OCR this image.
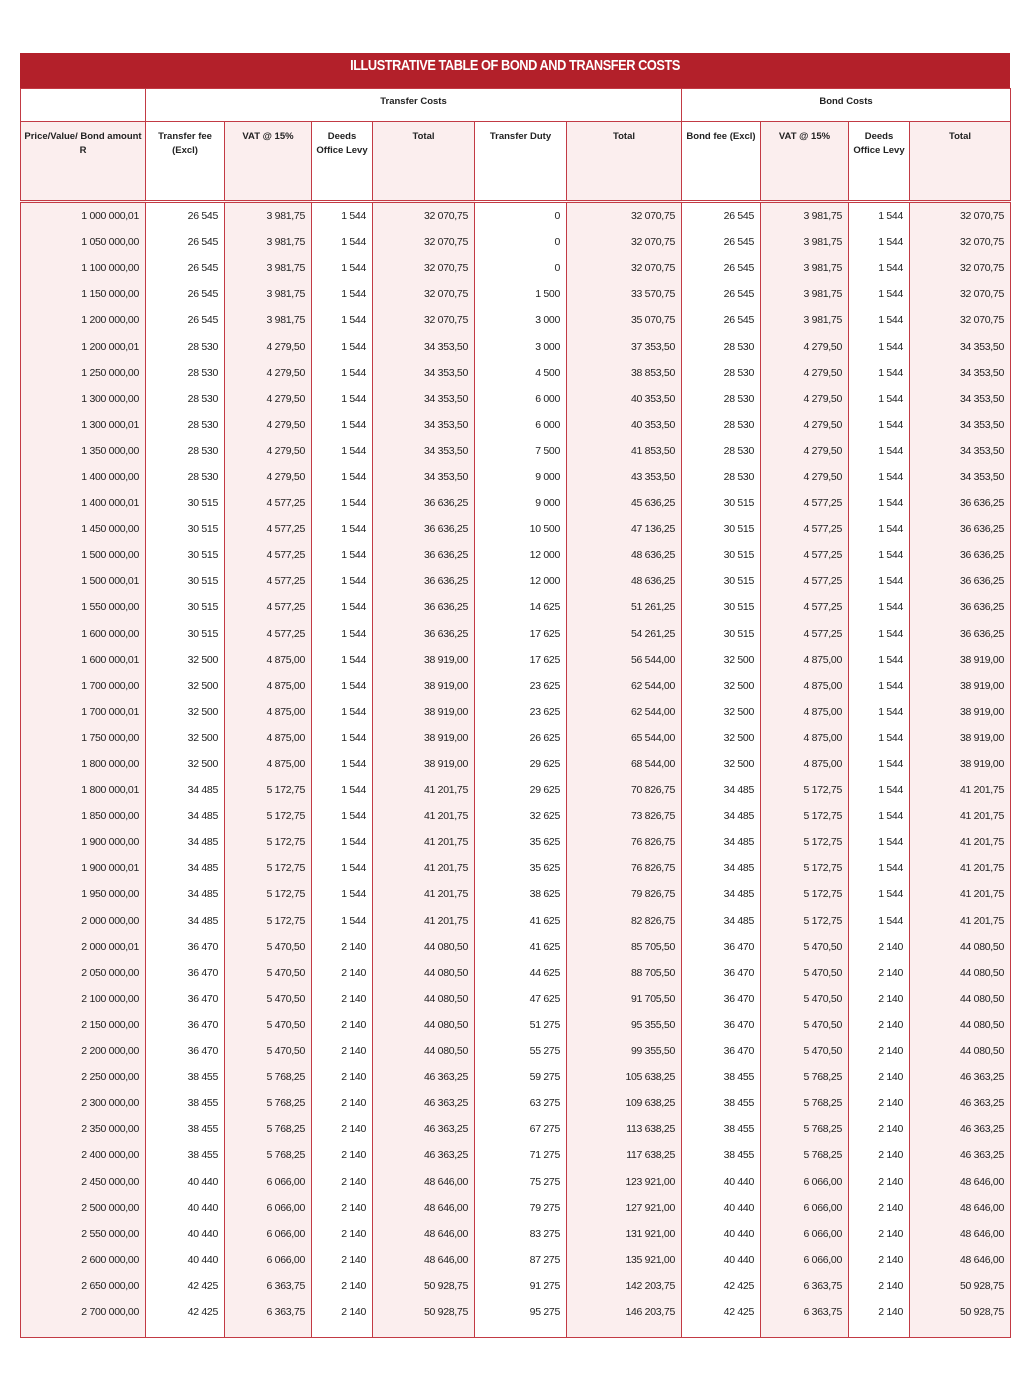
ILLUSTRATIVE TABLE OF BOND AND TRANSFER COSTS
	Transfer Costs						Bond Costs			
Price/Value/ Bond amount R	Transfer fee (Excl)	VAT @ 15%	Deeds Office Levy	Total	Transfer Duty	Total	Bond fee (Excl)	VAT @ 15%	Deeds Office Levy	Total
1 000 000,01	26 545	3 981,75	1 544	32 070,75	0	32 070,75	26 545	3 981,75	1 544	32 070,75
1 050 000,00	26 545	3 981,75	1 544	32 070,75	0	32 070,75	26 545	3 981,75	1 544	32 070,75
1 100 000,00	26 545	3 981,75	1 544	32 070,75	0	32 070,75	26 545	3 981,75	1 544	32 070,75
1 150 000,00	26 545	3 981,75	1 544	32 070,75	1 500	33 570,75	26 545	3 981,75	1 544	32 070,75
1 200 000,00	26 545	3 981,75	1 544	32 070,75	3 000	35 070,75	26 545	3 981,75	1 544	32 070,75
1 200 000,01	28 530	4 279,50	1 544	34 353,50	3 000	37 353,50	28 530	4 279,50	1 544	34 353,50
1 250 000,00	28 530	4 279,50	1 544	34 353,50	4 500	38 853,50	28 530	4 279,50	1 544	34 353,50
1 300 000,00	28 530	4 279,50	1 544	34 353,50	6 000	40 353,50	28 530	4 279,50	1 544	34 353,50
1 300 000,01	28 530	4 279,50	1 544	34 353,50	6 000	40 353,50	28 530	4 279,50	1 544	34 353,50
1 350 000,00	28 530	4 279,50	1 544	34 353,50	7 500	41 853,50	28 530	4 279,50	1 544	34 353,50
1 400 000,00	28 530	4 279,50	1 544	34 353,50	9 000	43 353,50	28 530	4 279,50	1 544	34 353,50
1 400 000,01	30 515	4 577,25	1 544	36 636,25	9 000	45 636,25	30 515	4 577,25	1 544	36 636,25
1 450 000,00	30 515	4 577,25	1 544	36 636,25	10 500	47 136,25	30 515	4 577,25	1 544	36 636,25
1 500 000,00	30 515	4 577,25	1 544	36 636,25	12 000	48 636,25	30 515	4 577,25	1 544	36 636,25
1 500 000,01	30 515	4 577,25	1 544	36 636,25	12 000	48 636,25	30 515	4 577,25	1 544	36 636,25
1 550 000,00	30 515	4 577,25	1 544	36 636,25	14 625	51 261,25	30 515	4 577,25	1 544	36 636,25
1 600 000,00	30 515	4 577,25	1 544	36 636,25	17 625	54 261,25	30 515	4 577,25	1 544	36 636,25
1 600 000,01	32 500	4 875,00	1 544	38 919,00	17 625	56 544,00	32 500	4 875,00	1 544	38 919,00
1 700 000,00	32 500	4 875,00	1 544	38 919,00	23 625	62 544,00	32 500	4 875,00	1 544	38 919,00
1 700 000,01	32 500	4 875,00	1 544	38 919,00	23 625	62 544,00	32 500	4 875,00	1 544	38 919,00
1 750 000,00	32 500	4 875,00	1 544	38 919,00	26 625	65 544,00	32 500	4 875,00	1 544	38 919,00
1 800 000,00	32 500	4 875,00	1 544	38 919,00	29 625	68 544,00	32 500	4 875,00	1 544	38 919,00
1 800 000,01	34 485	5 172,75	1 544	41 201,75	29 625	70 826,75	34 485	5 172,75	1 544	41 201,75
1 850 000,00	34 485	5 172,75	1 544	41 201,75	32 625	73 826,75	34 485	5 172,75	1 544	41 201,75
1 900 000,00	34 485	5 172,75	1 544	41 201,75	35 625	76 826,75	34 485	5 172,75	1 544	41 201,75
1 900 000,01	34 485	5 172,75	1 544	41 201,75	35 625	76 826,75	34 485	5 172,75	1 544	41 201,75
1 950 000,00	34 485	5 172,75	1 544	41 201,75	38 625	79 826,75	34 485	5 172,75	1 544	41 201,75
2 000 000,00	34 485	5 172,75	1 544	41 201,75	41 625	82 826,75	34 485	5 172,75	1 544	41 201,75
2 000 000,01	36 470	5 470,50	2 140	44 080,50	41 625	85 705,50	36 470	5 470,50	2 140	44 080,50
2 050 000,00	36 470	5 470,50	2 140	44 080,50	44 625	88 705,50	36 470	5 470,50	2 140	44 080,50
2 100 000,00	36 470	5 470,50	2 140	44 080,50	47 625	91 705,50	36 470	5 470,50	2 140	44 080,50
2 150 000,00	36 470	5 470,50	2 140	44 080,50	51 275	95 355,50	36 470	5 470,50	2 140	44 080,50
2 200 000,00	36 470	5 470,50	2 140	44 080,50	55 275	99 355,50	36 470	5 470,50	2 140	44 080,50
2 250 000,00	38 455	5 768,25	2 140	46 363,25	59 275	105 638,25	38 455	5 768,25	2 140	46 363,25
2 300 000,00	38 455	5 768,25	2 140	46 363,25	63 275	109 638,25	38 455	5 768,25	2 140	46 363,25
2 350 000,00	38 455	5 768,25	2 140	46 363,25	67 275	113 638,25	38 455	5 768,25	2 140	46 363,25
2 400 000,00	38 455	5 768,25	2 140	46 363,25	71 275	117 638,25	38 455	5 768,25	2 140	46 363,25
2 450 000,00	40 440	6 066,00	2 140	48 646,00	75 275	123 921,00	40 440	6 066,00	2 140	48 646,00
2 500 000,00	40 440	6 066,00	2 140	48 646,00	79 275	127 921,00	40 440	6 066,00	2 140	48 646,00
2 550 000,00	40 440	6 066,00	2 140	48 646,00	83 275	131 921,00	40 440	6 066,00	2 140	48 646,00
2 600 000,00	40 440	6 066,00	2 140	48 646,00	87 275	135 921,00	40 440	6 066,00	2 140	48 646,00
2 650 000,00	42 425	6 363,75	2 140	50 928,75	91 275	142 203,75	42 425	6 363,75	2 140	50 928,75
2 700 000,00	42 425	6 363,75	2 140	50 928,75	95 275	146 203,75	42 425	6 363,75	2 140	50 928,75
